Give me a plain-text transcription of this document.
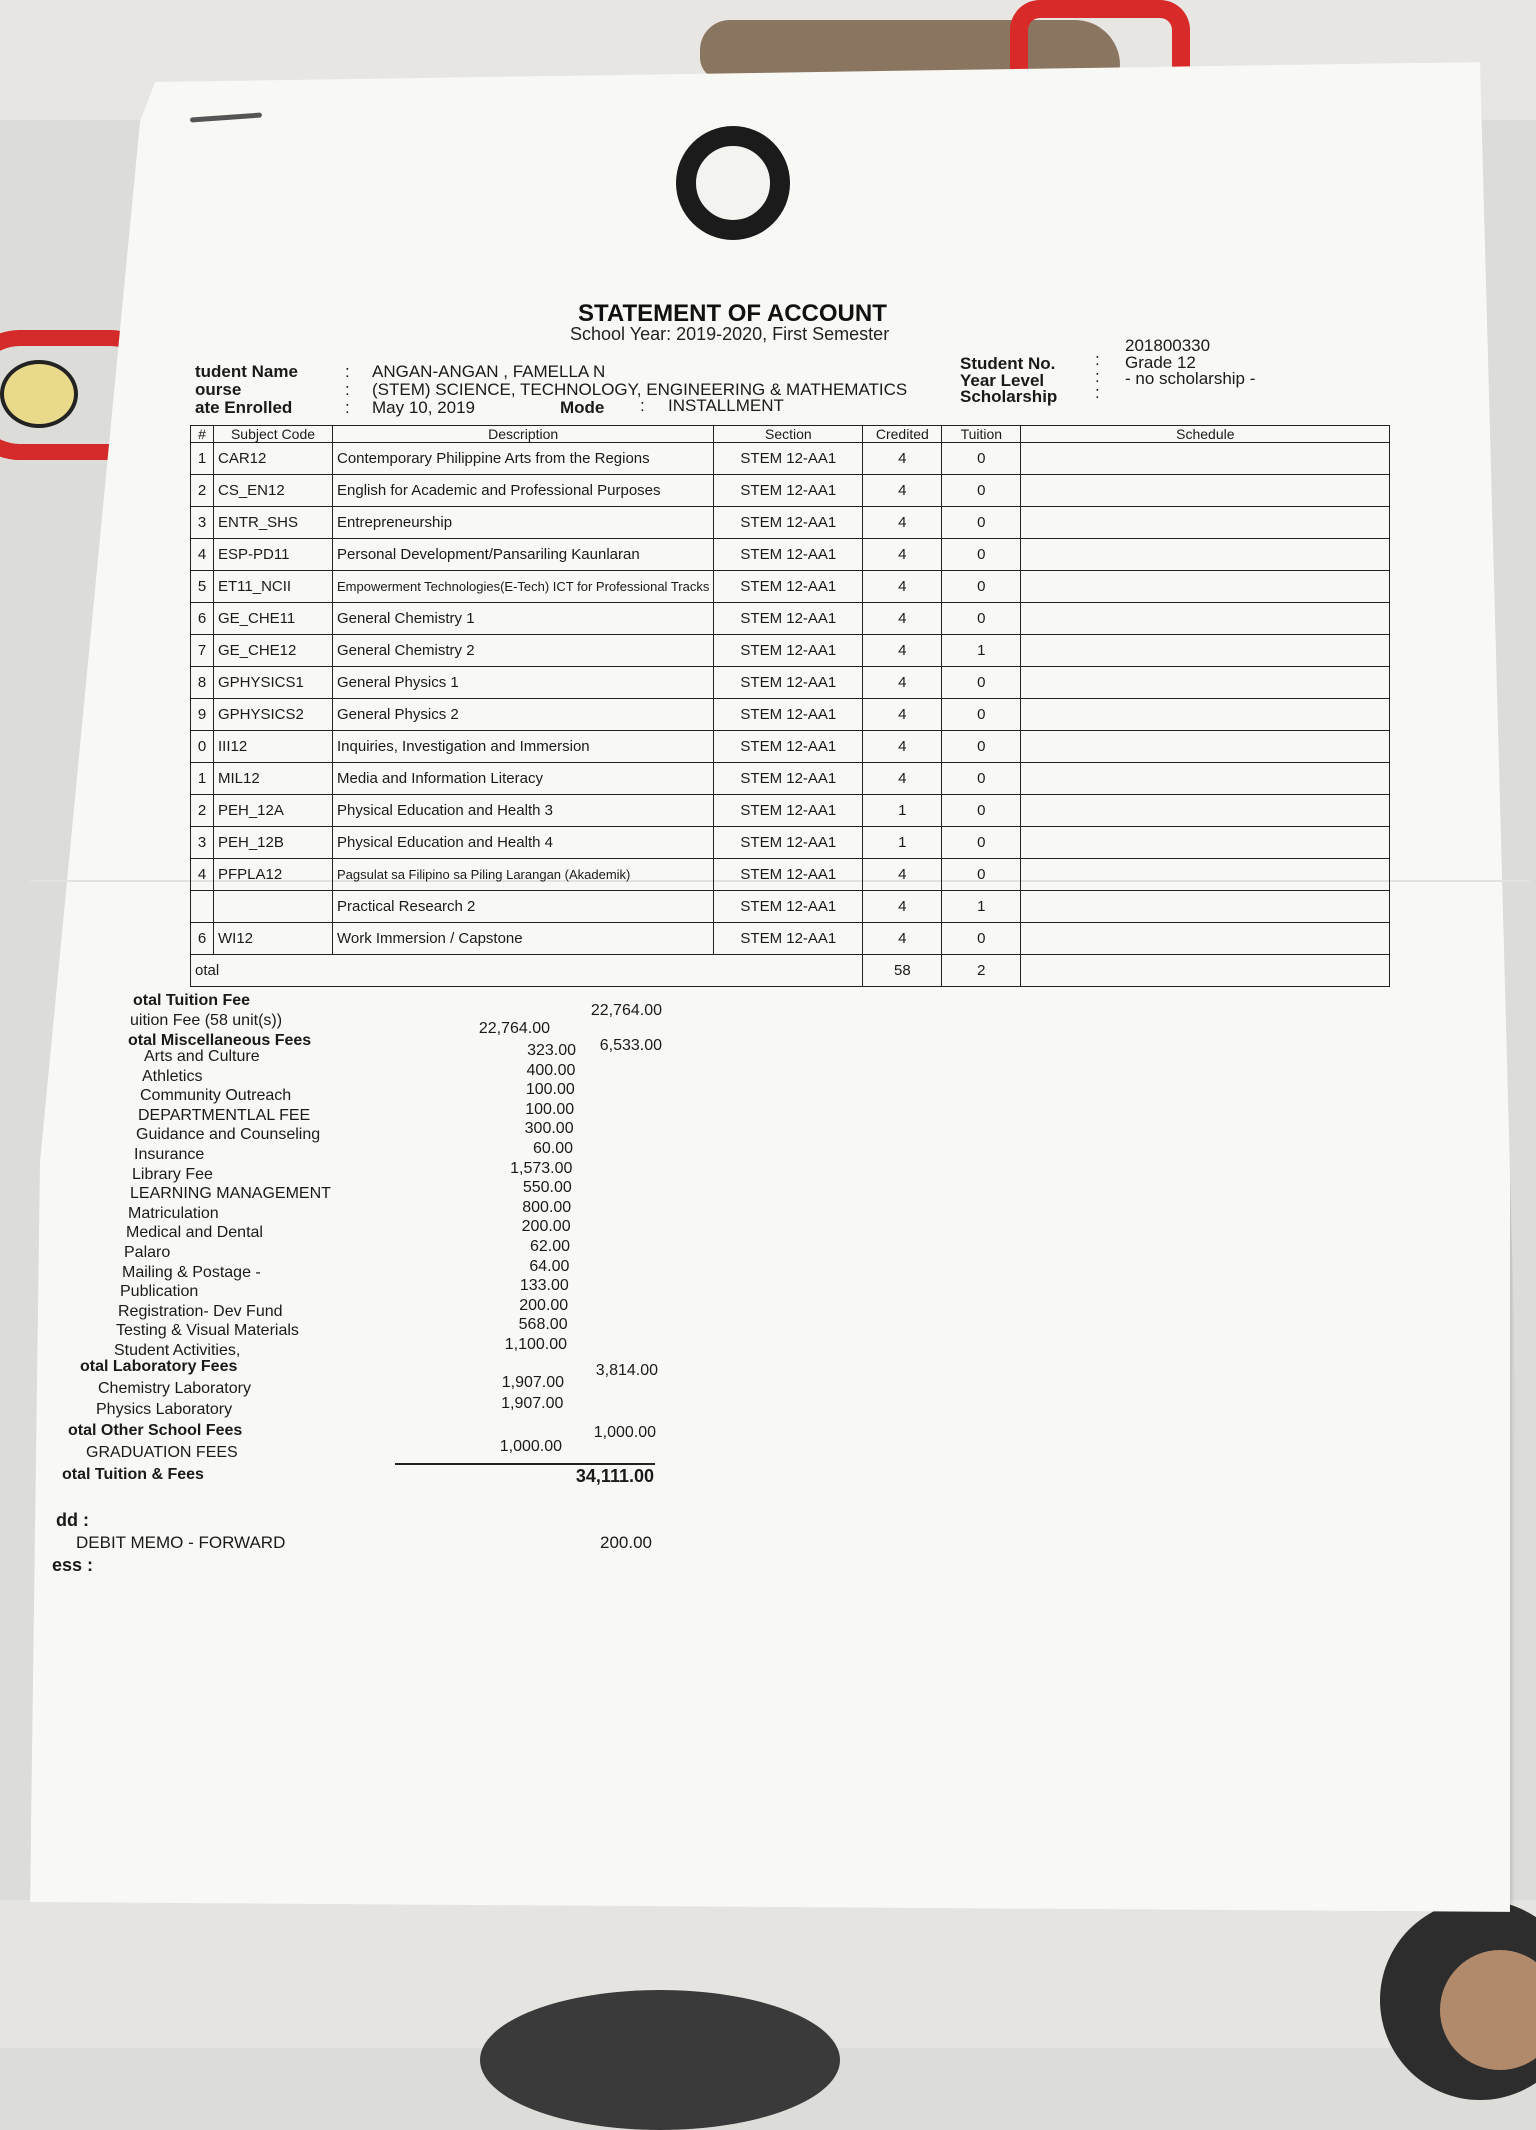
STATEMENT OF ACCOUNT
School Year: 2019-2020, First Semester
tudent Name	: ANGAN-ANGAN , FAMELLA N
ourse	: (STEM) SCIENCE, TECHNOLOGY, ENGINEERING & MATHEMATICS
ate Enrolled	: May 10, 2019	Mode : INSTALLMENT
Student No. :
201800330
Year Level	:
Grade 12
Scholarship :
- no scholarship -
#	Subject Code	Description	Section	Credited	Tuition	Schedule
1	CAR12	Contemporary Philippine Arts from the Regions	STEM 12-AA1	4	0	
2	CS_EN12	English for Academic and Professional Purposes	STEM 12-AA1	4	0	
3	ENTR_SHS	Entrepreneurship	STEM 12-AA1	4	0	
4	ESP-PD11	Personal Development/Pansariling Kaunlaran	STEM 12-AA1	4	0	
5	ET11_NCII	Empowerment Technologies(E-Tech) ICT for Professional Tracks	STEM 12-AA1	4	0	
6	GE_CHE11	General Chemistry 1	STEM 12-AA1	4	0	
7	GE_CHE12	General Chemistry 2	STEM 12-AA1	4	1	
8	GPHYSICS1	General Physics 1	STEM 12-AA1	4	0	
9	GPHYSICS2	General Physics 2	STEM 12-AA1	4	0	
0	III12	Inquiries, Investigation and Immersion	STEM 12-AA1	4	0	
1	MIL12	Media and Information Literacy	STEM 12-AA1	4	0	
2	PEH_12A	Physical Education and Health 3	STEM 12-AA1	1	0	
3	PEH_12B	Physical Education and Health 4	STEM 12-AA1	1	0	
4	PFPLA12	Pagsulat sa Filipino sa Piling Larangan (Akademik)	STEM 12-AA1	4	0	
		Practical Research 2	STEM 12-AA1	4	1	
6	WI12	Work Immersion / Capstone	STEM 12-AA1	4	0	
otal				58	2	
otal Tuition Fee
22,764.00
uition Fee (58 unit(s))	22,764.00
otal Miscellaneous Fees	6,533.00
Arts and Culture	323.00
Athletics	400.00
Community Outreach	100.00
DEPARTMENTLAL FEE	100.00
Guidance and Counseling	300.00
Insurance	60.00
Library Fee	1,573.00
LEARNING MANAGEMENT	550.00
Matriculation	800.00
Medical and Dental	200.00
Palaro	62.00
Mailing & Postage -	64.00
Publication	133.00
Registration- Dev Fund	200.00
Testing & Visual Materials	568.00
Student Activities,	1,100.00
otal Laboratory Fees	3,814.00
Chemistry Laboratory	1,907.00
Physics Laboratory	1,907.00
otal Other School Fees	1,000.00
GRADUATION FEES	1,000.00
otal Tuition & Fees	34,111.00
dd :
DEBIT MEMO - FORWARD	200.00
ess :
